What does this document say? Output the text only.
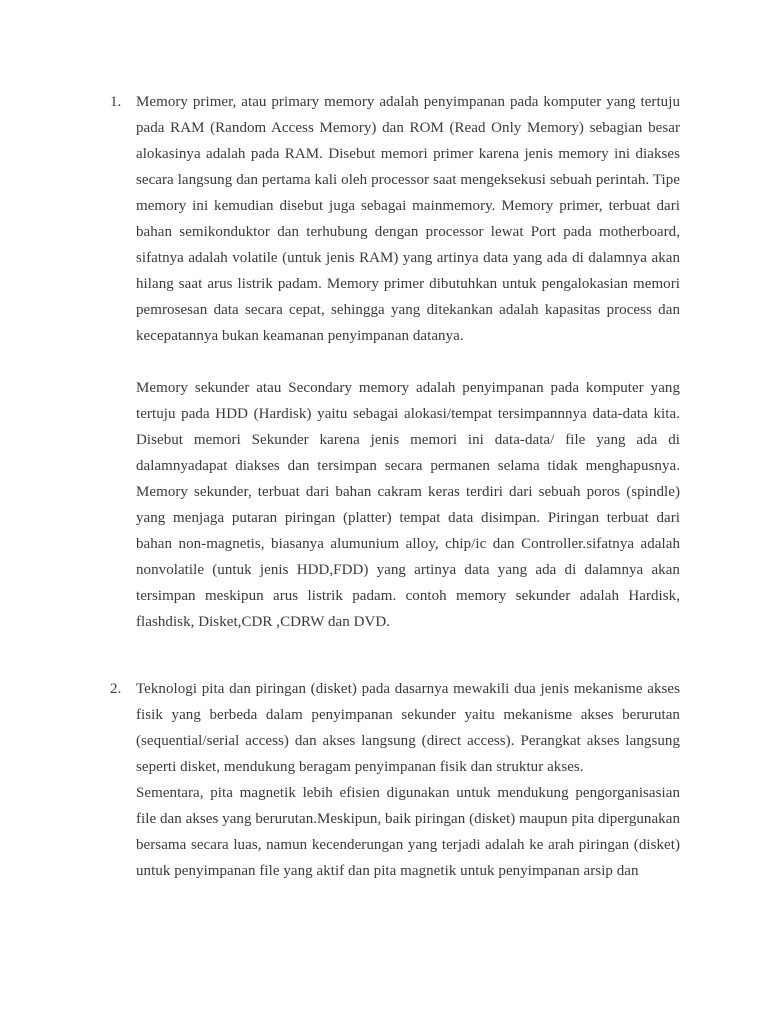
1. Memory primer, atau primary memory adalah penyimpanan pada komputer yang tertuju pada RAM (Random Access Memory) dan ROM (Read Only Memory) sebagian besar alokasinya adalah pada RAM. Disebut memori primer karena jenis memory ini diakses secara langsung dan pertama kali oleh processor saat mengeksekusi sebuah perintah. Tipe memory ini kemudian disebut juga sebagai mainmemory. Memory primer, terbuat dari bahan semikonduktor dan terhubung dengan processor lewat Port pada motherboard, sifatnya adalah volatile (untuk jenis RAM) yang artinya data yang ada di dalamnya akan hilang saat arus listrik padam. Memory primer dibutuhkan untuk pengalokasian memori pemrosesan data secara cepat, sehingga yang ditekankan adalah kapasitas process dan kecepatannya bukan keamanan penyimpanan datanya.
Memory sekunder atau Secondary memory adalah penyimpanan pada komputer yang tertuju pada HDD (Hardisk) yaitu sebagai alokasi/tempat tersimpannnya data-data kita. Disebut memori Sekunder karena jenis memori ini data-data/ file yang ada di dalamnyadapat diakses dan tersimpan secara permanen selama tidak menghapusnya. Memory sekunder, terbuat dari bahan cakram keras terdiri dari sebuah poros (spindle) yang menjaga putaran piringan (platter) tempat data disimpan. Piringan terbuat dari bahan non-magnetis, biasanya alumunium alloy, chip/ic dan Controller.sifatnya adalah nonvolatile (untuk jenis HDD,FDD) yang artinya data yang ada di dalamnya akan tersimpan meskipun arus listrik padam. contoh memory sekunder adalah Hardisk, flashdisk, Disket,CDR ,CDRW dan DVD.
2. Teknologi pita dan piringan (disket) pada dasarnya mewakili dua jenis mekanisme akses fisik yang berbeda dalam penyimpanan sekunder yaitu mekanisme akses berurutan (sequential/serial access) dan akses langsung (direct access). Perangkat akses langsung seperti disket, mendukung beragam penyimpanan fisik dan struktur akses.
Sementara, pita magnetik lebih efisien digunakan untuk mendukung pengorganisasian file dan akses yang berurutan.Meskipun, baik piringan (disket) maupun pita dipergunakan bersama secara luas, namun kecenderungan yang terjadi adalah ke arah piringan (disket) untuk penyimpanan file yang aktif dan pita magnetik untuk penyimpanan arsip dan
